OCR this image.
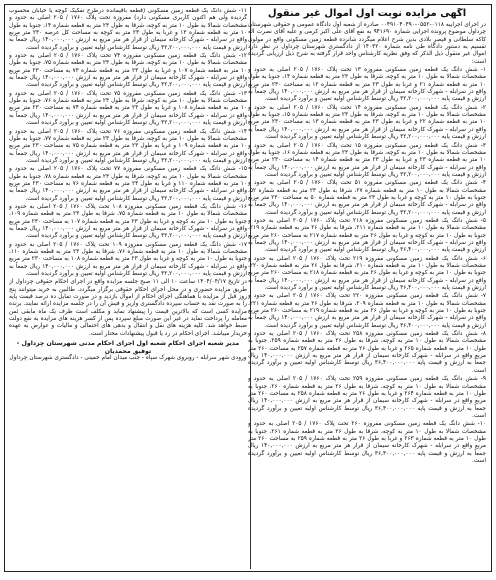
آگهی مزایده نوبت اول اموال غیر منقول
در اجرای اجراییه ۰۱۱۸-۰۵۵۲-۰۰۴۹۱۰۴۰۴۹۰ صادره از شعبه اول دادگاه عمومی و حقوقی شهرستان چرداول موضوع پرونده اجرایی شماره ۹۴۱۶۹۰ به نفع آقای علی اکبر کرمی و علیه آقای نصرت اله کاکه سلطانی و قیصر بلادی بدین شرح اعلام میگردد شانزده قطعه زمین مسکونی واقع در مولوی تقسیم به دستور دادگاه طی نامه شماره ۱۴۰۳۲۰ از دادگستری شهرستان چرداول در نظر دارد اموال غیر منقول ذیل الذکر که وفق نظریه کارشناس واحد قرار گرفته به شرح ذیل ارزیابی گردیده است:
۱- شش دانگ یک قطعه زمین مسکونی مفروزه ۱۳ تحت پلاک ۱۷۶۰ / ۲۰۵ اصلی به حدود و مشخصات شمالا به طول ۱۰ متر به کوچه، شرقا به طول ۲۳ متر به قطعه شماره ۱۴، جنوبا به طول ۱۰ متر به قطعه شماره ۲۱ و غربا به طول ۲۳ متر به قطعه شماره ۱۲ به مساحت ۲۳۰ متر مربع واقع در سرابله - شهرک کارخانه سیمان از قرار هر متر مربع به ارزش ۱۴۰,۰۰۰,۰۰۰ ریال جمعاً به ارزش و قیمت پایه ۳۲,۲۰۰,۰۰۰,۰۰۰ ریال توسط کارشناس اولیه تعیین و برآورد گردیده است.
۲- شش دانگ یک قطعه زمین مسکونی مفروزه ۱۴ تحت پلاک ۱۷۶۰ / ۲۰۵ اصلی به حدود و مشخصات شمالا به طول ۱۰ متر به کوچه، شرقا به طول ۲۳ متر به قطعه شماره ۱۵، جنوبا به طول ۱۰ متر به قطعه شماره ۲۲ و غربا به طول ۲۳ متر به قطعه شماره ۱۳ به مساحت ۲۳۰ متر مربع واقع در سرابله - شهرک کارخانه سیمان از قرار هر متر مربع به ارزش ۱۴۰,۰۰۰,۰۰۰ ریال جمعاً به ارزش و قیمت پایه ۳۲,۲۰۰,۰۰۰,۰۰۰ ریال توسط کارشناس اولیه تعیین و برآورد گردیده است.
۳- شش دانگ یک قطعه زمین مسکونی مفروزه ۱۵ تحت پلاک ۱۷۶۰ / ۲۰۵ اصلی به حدود و مشخصات شمالا به طول ۱۰ متر به کوچه، شرقا به طول ۲۳ متر به قطعه شماره ۱۶، جنوبا به طول ۱۰ متر به قطعه شماره ۲۳ و غربا به طول ۲۳ متر به قطعه شماره ۱۴ به مساحت ۲۳۰ متر مربع واقع در سرابله - شهرک کارخانه سیمان از قرار هر متر مربع به ارزش ۱۴۰,۰۰۰,۰۰۰ ریال جمعاً به ارزش و قیمت پایه ۳۲,۲۰۰,۰۰۰,۰۰۰ ریال توسط کارشناس اولیه تعیین و برآورد گردیده است.
۴- شش دانگ یک قطعه زمین مسکونی مفروزه ۵۱ تحت پلاک ۱۷۶۰ / ۲۰۵ اصلی به حدود و مشخصات شمالا به طول ۱۰ متر به قطعه شماره ۲۷، شرقا به طول ۲۳ متر به قطعه شماره ۵۲، جنوبا به طول ۱۰ متر به کوچه و غربا به طول ۲۳ متر به قطعه شماره ۵۰ به مساحت ۲۳۰ متر مربع واقع در سرابله - شهرک کارخانه سیمان از قرار هر متر مربع به ارزش ۱۴۰,۰۰۰,۰۰۰ ریال جمعاً به ارزش و قیمت پایه ۳۲,۲۰۰,۰۰۰,۰۰۰ ریال توسط کارشناس اولیه تعیین و برآورد گردیده است.
۵- شش دانگ یک قطعه زمین مسکونی مفروزه ۲۱۸ تحت پلاک ۱۷۶۰ / ۲۰۵ اصلی به حدود و مشخصات شمالا به طول ۱۰ متر به قطعه شماره ۲۱۱، شرقا به طول ۲۶ متر به قطعه شماره ۲۱۹، جنوبا به طول ۱۰ متر به کوچه و غربا به طول ۲۶ متر به قطعه شماره ۲۱۷ به مساحت ۲۶۰ متر مربع واقع در سرابله - شهرک کارخانه سیمان از قرار هر متر مربع به ارزش ۱۴۰,۰۰۰,۰۰۰ ریال جمعاً به ارزش و قیمت پایه ۳۶,۴۰۰,۰۰۰,۰۰۰ ریال توسط کارشناس اولیه تعیین و برآورد گردیده است.
۶- شش دانگ یک قطعه زمین مسکونی مفروزه ۲۱۹ تحت پلاک ۱۷۶۰ / ۲۰۵ اصلی به حدود و مشخصات شمالا به طول ۱۰ متر به قطعه شماره ۲۱۰، شرقا به طول ۲۶ متر به قطعه شماره ۲۲۰، جنوبا به طول ۱۰ متر به کوچه و غربا به طول ۲۶ متر به قطعه شماره ۲۱۸ به مساحت ۲۶۰ متر مربع واقع در سرابله - شهرک کارخانه سیمان از قرار هر متر مربع به ارزش ۱۴۰,۰۰۰,۰۰۰ ریال جمعاً به ارزش و قیمت پایه ۳۶,۴۰۰,۰۰۰,۰۰۰ ریال توسط کارشناس اولیه تعیین و برآورد گردیده است.
۷- شش دانگ یک قطعه زمین مسکونی مفروزه ۲۲۰ تحت پلاک ۱۷۶۰ / ۲۰۵ اصلی به حدود و مشخصات شمالا به طول ۱۰ متر به قطعه شماره ۲۰۹، شرقا به طول ۲۶ متر به قطعه شماره ۲۲۱، جنوبا به طول ۱۰ متر به کوچه و غربا به طول ۲۶ متر به قطعه شماره ۲۱۹ به مساحت ۲۶۰ متر مربع واقع در سرابله - شهرک کارخانه سیمان از قرار هر متر مربع به ارزش ۱۴۰,۰۰۰,۰۰۰ ریال جمعاً به ارزش و قیمت پایه ۳۶,۴۰۰,۰۰۰,۰۰۰ ریال توسط کارشناس اولیه تعیین و برآورد گردیده است.
۸- شش دانگ یک قطعه زمین مسکونی مفروزه ۲۵۸ تحت پلاک ۱۷۶۰ / ۲۰۵ اصلی به حدود و مشخصات شمالا به طول ۱۰ متر به کوچه، شرقا به طول ۲۶ متر به قطعه شماره ۲۵۹، جنوبا به طول ۱۰ متر به قطعه شماره ۲۶۵ و غربا به طول ۲۶ متر به قطعه شماره ۲۵۷ به مساحت ۲۶۰ متر مربع واقع در سرابله - شهرک کارخانه سیمان از قرار هر متر مربع به ارزش ۱۴۰,۰۰۰,۰۰۰ ریال جمعاً به ارزش و قیمت پایه ۳۶,۴۰۰,۰۰۰,۰۰۰ ریال توسط کارشناس اولیه تعیین و برآورد گردیده است.
۹- شش دانگ یک قطعه زمین مسکونی مفروزه ۲۵۹ تحت پلاک ۱۷۶۰ / ۲۰۵ اصلی به حدود و مشخصات شمالا به طول ۱۰ متر به کوچه، شرقا به طول ۲۶ متر به قطعه شماره ۲۶۰، جنوبا به طول ۱۰ متر به قطعه شماره ۲۶۴ و غربا به طول ۲۶ متر به قطعه شماره ۲۵۸ به مساحت ۲۶۰ متر مربع واقع در سرابله - شهرک کارخانه سیمان از قرار هر متر مربع به ارزش ۱۴۰,۰۰۰,۰۰۰ ریال جمعاً به ارزش و قیمت پایه ۳۶,۴۰۰,۰۰۰,۰۰۰ ریال توسط کارشناس اولیه تعیین و برآورد گردیده است.
۱۰- شش دانگ یک قطعه زمین مسکونی مفروزه ۲۶۰ تحت پلاک ۱۷۶۰ / ۲۰۵ اصلی به حدود و مشخصات شمالا به طول ۱۰ متر به کوچه، شرقا به طول ۲۶ متر به قطعه شماره ۲۶۱، جنوبا به طول ۱۰ متر به قطعه شماره ۲۶۳ و غربا به طول ۲۶ متر به قطعه شماره ۲۵۹ به مساحت ۲۶۰ متر مربع واقع در سرابله - شهرک کارخانه سیمان از قرار هر متر مربع به ارزش ۱۴۰,۰۰۰,۰۰۰ ریال جمعاً به ارزش و قیمت پایه ۳۶,۴۰۰,۰۰۰,۰۰۰ ریال توسط کارشناس اولیه تعیین و برآورد گردیده است.
۱۱- شش دانگ یک قطعه زمین مسکونی (قطعه باقیمانده درطرح تفکیک کوچه یا خیابان محسوب گردیده ولی هم اکنون کاربری مسکونی دارد) مفروزه تحت پلاک ۱۷۶۰ / ۲۰۵ اصلی به حدود و مشخصات شمالا به طول ۱۰ متر به کوچه، شرقا به طول ۲۳ متر به قطعه شماره ۱۴، جنوبا به طول ۱۰ متر به قطعه شماره ۱۳ و غربا به طول ۲۳ متر به کوچه به مساحت کل عرصه ۲۳۰ متر مربع واقع در سرابله - شهرک کارخانه سیمان از قرار هر متر مربع به ارزش ۱۴۰,۰۰۰,۰۰۰ ریال جمعاً به ارزش و قیمت پایه ۳۲,۲۰۰,۰۰۰,۰۰۰ ریال توسط کارشناس اولیه تعیین و برآورد گردیده است.
۱۲- شش دانگ یک قطعه زمین مسکونی مفروزه ۷۴ تحت پلاک ۱۷۶۰ / ۲۰۵ اصلی به حدود و مشخصات شمالا به طول ۱۰ متر به کوچه، شرقا به طول ۲۳ متر به قطعه شماره ۷۵، جنوبا به طول ۱۰ متر به قطعه شماره ۱۰۷ و غربا به طول ۲۳ متر به قطعه شماره ۷۳ به مساحت ۲۳۰ متر مربع واقع در سرابله - شهرک کارخانه سیمان از قرار هر متر مربع به ارزش ۱۴۰,۰۰۰,۰۰۰ ریال جمعاً به ارزش و قیمت پایه ۳۲,۲۰۰,۰۰۰,۰۰۰ ریال توسط کارشناس اولیه تعیین و برآورد گردیده است.
۱۳- شش دانگ یک قطعه زمین مسکونی مفروزه ۷۵ تحت پلاک ۱۷۶۰ / ۲۰۵ اصلی به حدود و مشخصات شمالا به طول ۱۰ متر به کوچه، شرقا به طول ۲۳ متر به قطعه شماره ۷۶، جنوبا به طول ۱۰ متر به قطعه شماره ۱۰۸ و غربا به طول ۲۳ متر به قطعه شماره ۷۴ به مساحت ۲۳۰ متر مربع واقع در سرابله - شهرک کارخانه سیمان از قرار هر متر مربع به ارزش ۱۴۰,۰۰۰,۰۰۰ ریال جمعاً به ارزش و قیمت پایه ۳۲,۲۰۰,۰۰۰,۰۰۰ ریال توسط کارشناس اولیه تعیین و برآورد گردیده است.
۱۴- شش دانگ یک قطعه زمین مسکونی مفروزه ۷۶ تحت پلاک ۱۷۶۰ / ۲۰۵ اصلی به حدود و مشخصات شمالا به طول ۱۰ متر به کوچه، شرقا به طول ۲۳ متر به قطعه شماره ۷۷، جنوبا به طول ۱۰ متر به قطعه شماره ۱۰۹ و غربا به طول ۲۳ متر به قطعه شماره ۷۵ به مساحت ۲۳۰ متر مربع واقع در سرابله - شهرک کارخانه سیمان از قرار هر متر مربع به ارزش ۱۴۰,۰۰۰,۰۰۰ ریال جمعاً به ارزش و قیمت پایه ۳۲,۲۰۰,۰۰۰,۰۰۰ ریال توسط کارشناس اولیه تعیین و برآورد گردیده است.
۱۵- شش دانگ یک قطعه زمین مسکونی مفروزه ۷۷ تحت پلاک ۱۷۶۰ / ۲۰۵ اصلی به حدود و مشخصات شمالا به طول ۱۰ متر به کوچه، شرقا به طول ۲۳ متر به قطعه شماره ۷۸، جنوبا به طول ۱۰ متر به قطعه شماره ۱۱۰ و غربا به طول ۲۳ متر به قطعه شماره ۷۶ به مساحت ۲۳۰ متر مربع واقع در سرابله - شهرک کارخانه سیمان از قرار هر متر مربع به ارزش ۱۴۰,۰۰۰,۰۰۰ ریال جمعاً به ارزش و قیمت پایه ۳۲,۲۰۰,۰۰۰,۰۰۰ ریال توسط کارشناس اولیه تعیین و برآورد گردیده است.
۱۶- شش دانگ یک قطعه زمین مسکونی مفروزه ۱۰۸ تحت پلاک ۱۷۶۰ / ۲۰۵ اصلی به حدود و مشخصات شمالا به طول ۱۰ متر به قطعه شماره ۷۵، شرقا به طول ۲۳ متر به قطعه شماره ۱۰۹، جنوبا به طول ۱۰ متر به کوچه و غربا به طول ۲۳ متر به قطعه شماره ۱۰۷ به مساحت ۲۳۰ متر مربع واقع در سرابله - شهرک کارخانه سیمان از قرار هر متر مربع به ارزش ۱۴۰,۰۰۰,۰۰۰ ریال جمعاً به ارزش و قیمت پایه ۳۲,۲۰۰,۰۰۰,۰۰۰ ریال توسط کارشناس اولیه تعیین و برآورد گردیده است.
۱۷- شش دانگ یک قطعه زمین مسکونی مفروزه ۱۰۹ تحت پلاک ۱۷۶۰ / ۲۰۵ اصلی به حدود و مشخصات شمالا به طول ۱۰ متر به قطعه شماره ۷۶، شرقا به طول ۲۳ متر به قطعه شماره ۱۱۰، جنوبا به طول ۱۰ متر به کوچه و غربا به طول ۲۳ متر به قطعه شماره ۱۰۸ به مساحت ۲۳۰ متر مربع واقع در سرابله - شهرک کارخانه سیمان از قرار هر متر مربع به ارزش ۱۴۰,۰۰۰,۰۰۰ ریال جمعاً به ارزش و قیمت پایه ۳۲,۲۰۰,۰۰۰,۰۰۰ ریال توسط کارشناس اولیه تعیین و برآورد گردیده است.
در تاریخ ۱۴۰۴/۰۴/۱۷ ساعت ۱۰ الی ۱۱ صبح جلسه مزایده واقع در اجرای احکام حقوقی چرداول از طریق مزایده حضوری و در محل اجرای احکام حقوقی برگزار میگردد. طالبین به خرید میتوانند پنج روز قبل از مزایده با هماهنگی اجرای احکام از اموال بازدید و در صورت تمایل ده درصد قیمت پایه را به صورت نقد به حساب سپرده دادگستری واریز و فیش آن را در جلسه مزایده ارائه نمایند. برنده مزایده کسی است که بالاترین قیمت را پیشنهاد نماید و مکلف است ظرف یک ماه مابقی ثمن معامله را پرداخت نماید در غیر این صورت مبلغ سپرده پس از کسر هزینه های مزایده به نفع دولت ضبط خواهد شد. کلیه هزینه های نقل و انتقال و بدهی های احتمالی و مالیات و عوارض به عهده خریدار میباشد. اجرای احکام در رد یا قبول پیشنهادات مختار است.
مدیر شعبه اجرای احکام شعبه اول اجرای احکام مدنی شهرستان چرداول - توفیق محمدیان
ورودی شهر سرابله - روبروی شهرک سپاه - جنب میدان امام خمینی - دادگستری شهرستان چرداول
